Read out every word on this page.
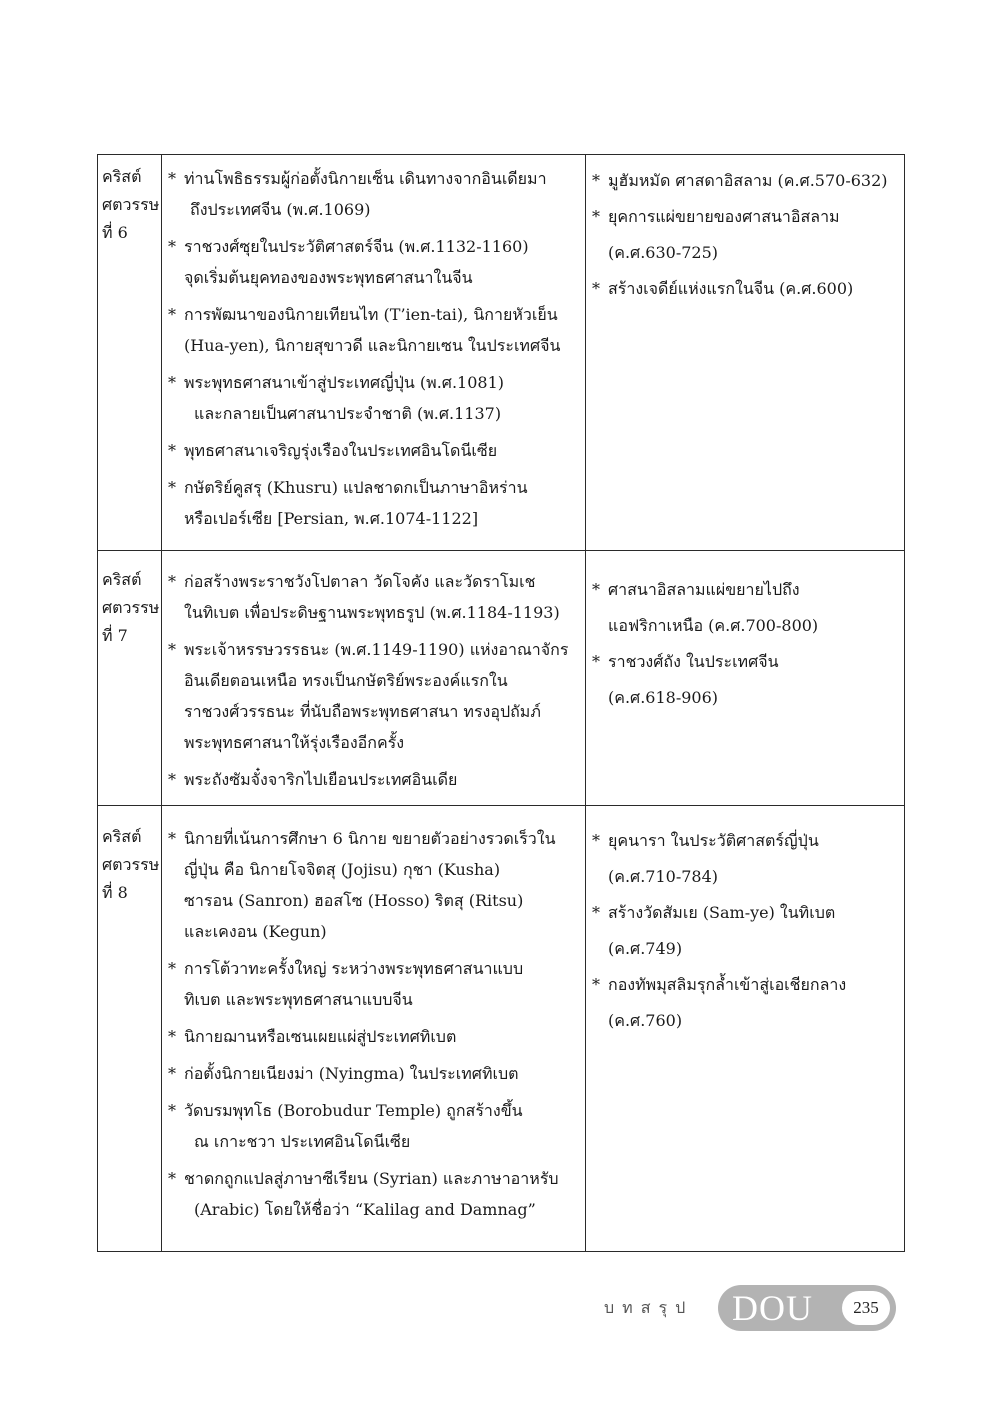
คริสต์
ศตวรรษ
ที่ 6
* ท่านโพธิธรรมผู้ก่อตั้งนิกายเซ็น เดินทางจากอินเดียมา
ถึงประเทศจีน (พ.ศ.1069)
* ราชวงศ์ซุยในประวัติศาสตร์จีน (พ.ศ.1132-1160)
จุดเริ่มต้นยุคทองของพระพุทธศาสนาในจีน
* การพัฒนาของนิกายเทียนไท (T’ien-tai), นิกายหัวเย็น
(Hua-yen), นิกายสุขาวดี และนิกายเซน ในประเทศจีน
* พระพุทธศาสนาเข้าสู่ประเทศญี่ปุ่น (พ.ศ.1081)
และกลายเป็นศาสนาประจำชาติ (พ.ศ.1137)
* พุทธศาสนาเจริญรุ่งเรืองในประเทศอินโดนีเซีย
* กษัตริย์คูสรุ (Khusru) แปลชาดกเป็นภาษาอิหร่าน
หรือเปอร์เซีย [Persian, พ.ศ.1074-1122]
* มูฮัมหมัด ศาสดาอิสลาม (ค.ศ.570-632)
* ยุคการแผ่ขยายของศาสนาอิสลาม
(ค.ศ.630-725)
* สร้างเจดีย์แห่งแรกในจีน (ค.ศ.600)
คริสต์
ศตวรรษ
ที่ 7
* ก่อสร้างพระราชวังโปตาลา วัดโจคัง และวัดราโมเช
ในทิเบต เพื่อประดิษฐานพระพุทธรูป (พ.ศ.1184-1193)
* พระเจ้าหรรษวรรธนะ (พ.ศ.1149-1190) แห่งอาณาจักร
อินเดียตอนเหนือ ทรงเป็นกษัตริย์พระองค์แรกใน
ราชวงศ์วรรธนะ ที่นับถือพระพุทธศาสนา ทรงอุปถัมภ์
พระพุทธศาสนาให้รุ่งเรืองอีกครั้ง
* พระถังซัมจั๋งจาริกไปเยือนประเทศอินเดีย
* ศาสนาอิสลามแผ่ขยายไปถึง
แอฟริกาเหนือ (ค.ศ.700-800)
* ราชวงศ์ถัง ในประเทศจีน
(ค.ศ.618-906)
คริสต์
ศตวรรษ
ที่ 8
* นิกายที่เน้นการศึกษา 6 นิกาย ขยายตัวอย่างรวดเร็วใน
ญี่ปุ่น คือ นิกายโจจิตสุ (Jojisu) กุชา (Kusha)
ซารอน (Sanron) ฮอสโซ (Hosso) ริตสุ (Ritsu)
และเคงอน (Kegun)
* การโต้วาทะครั้งใหญ่ ระหว่างพระพุทธศาสนาแบบ
ทิเบต และพระพุทธศาสนาแบบจีน
* นิกายฌานหรือเซนเผยแผ่สู่ประเทศทิเบต
* ก่อตั้งนิกายเนียงม่า (Nyingma) ในประเทศทิเบต
* วัดบรมพุทโธ (Borobudur Temple) ถูกสร้างขึ้น
ณ เกาะชวา ประเทศอินโดนีเซีย
* ชาดกถูกแปลสู่ภาษาซีเรียน (Syrian) และภาษาอาหรับ
(Arabic) โดยให้ชื่อว่า “Kalilag and Damnag”
* ยุคนารา ในประวัติศาสตร์ญี่ปุ่น
(ค.ศ.710-784)
* สร้างวัดสัมเย (Sam-ye) ในทิเบต
(ค.ศ.749)
* กองทัพมุสลิมรุกล้ำเข้าสู่เอเชียกลาง
(ค.ศ.760)
บทสรุป DOU	235
